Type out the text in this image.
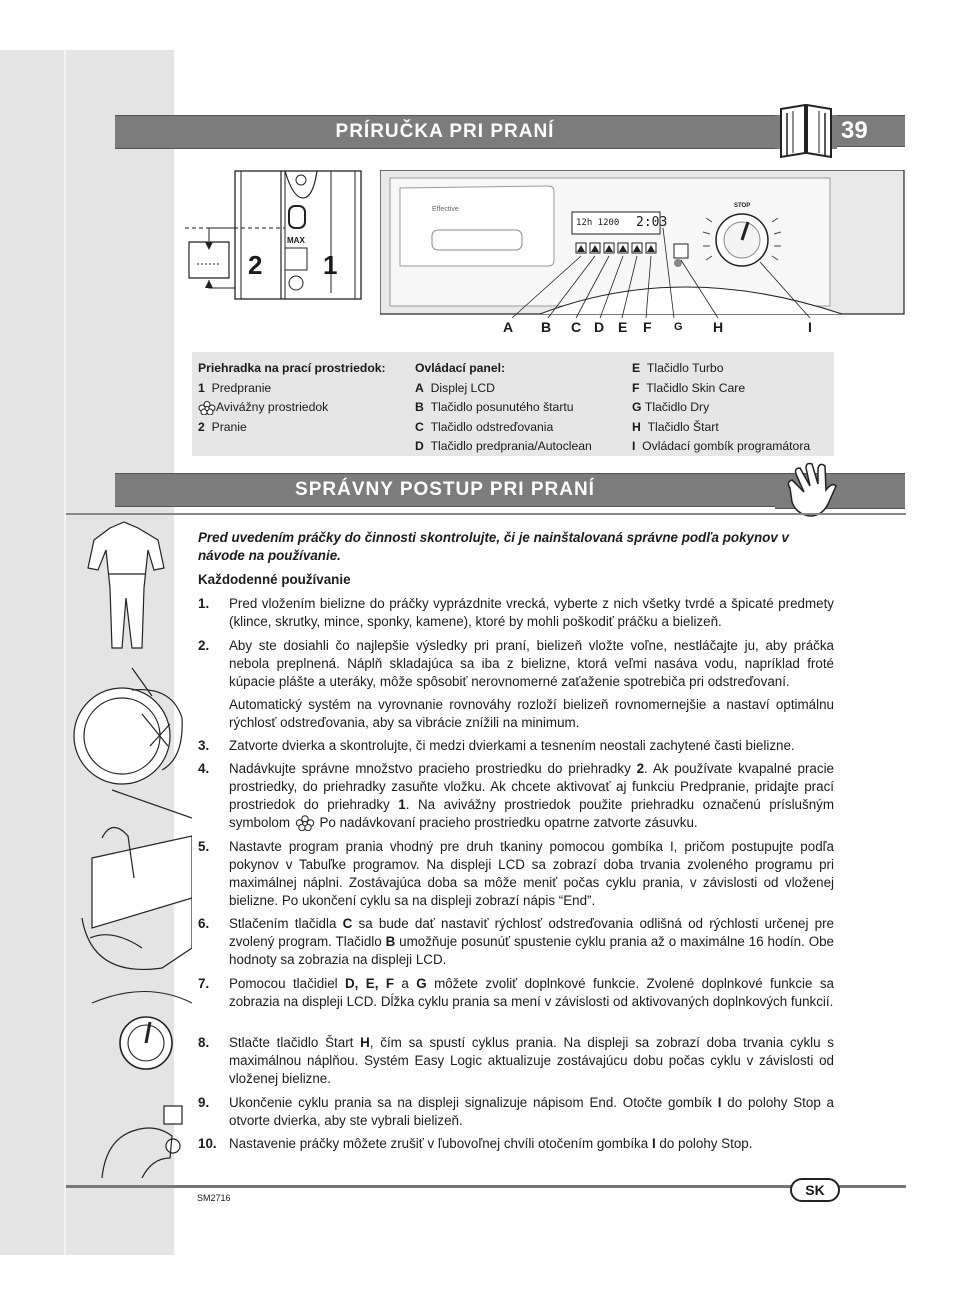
PRÍRUČKA PRI PRANÍ	39
2 1
MAX
Effective
12h 1200 2:03
STOP
A B C D E F G H	I
Priehradka na prací prostriedok:
1 Predpranie
Avivážny prostriedok
2 Pranie
Ovládací panel:
A Displej LCD
B Tlačidlo posunutého štartu
C Tlačidlo odstreďovania
D Tlačidlo predprania/Autoclean
E Tlačidlo Turbo
F Tlačidlo Skin Care
G Tlačidlo Dry
H Tlačidlo Štart
I Ovládací gombík programátora
SPRÁVNY POSTUP PRI PRANÍ
Pred uvedením práčky do činnosti skontrolujte, či je nainštalovaná správne podľa pokynov v návode na používanie.
Každodenné používanie
1.	Pred vložením bielizne do práčky vyprázdnite vrecká, vyberte z nich všetky tvrdé a špicaté predmety (klince, skrutky, mince, sponky, kamene), ktoré by mohli poškodiť práčku a bielizeň.
2.	Aby ste dosiahli čo najlepšie výsledky pri praní, bielizeň vložte voľne, nestláčajte ju, aby práčka nebola preplnená. Náplň skladajúca sa iba z bielizne, ktorá veľmi nasáva vodu, napríklad froté kúpacie plášte a uteráky, môže spôsobiť nerovnomerné zaťaženie spotrebiča pri odstreďovaní.
Automatický systém na vyrovnanie rovnováhy rozloží bielizeň rovnomernejšie a nastaví optimálnu rýchlosť odstreďovania, aby sa vibrácie znížili na minimum.
3.	Zatvorte dvierka a skontrolujte, či medzi dvierkami a tesnením neostali zachytené časti bielizne.
4.	Nadávkujte správne množstvo pracieho prostriedku do priehradky 2. Ak používate kvapalné pracie prostriedky, do priehradky zasuňte vložku. Ak chcete aktivovať aj funkciu Predpranie, pridajte prací prostriedok do priehradky 1. Na avivážny prostriedok použite priehradku označenú príslušným symbolom  Po nadávkovaní pracieho prostriedku opatrne zatvorte zásuvku.
5.	Nastavte program prania vhodný pre druh tkaniny pomocou gombíka I, pričom postupujte podľa pokynov v Tabuľke programov. Na displeji LCD sa zobrazí doba trvania zvoleného programu pri maximálnej náplni. Zostávajúca doba sa môže meniť počas cyklu prania, v závislosti od vloženej bielizne. Po ukončení cyklu sa na displeji zobrazí nápis “End”.
6.	Stlačením tlačidla C sa bude dať nastaviť rýchlosť odstreďovania odlišná od rýchlosti určenej pre zvolený program. Tlačidlo B umožňuje posunúť spustenie cyklu prania až o maximálne 16 hodín. Obe hodnoty sa zobrazia na displeji LCD.
7.	Pomocou tlačidiel D, E, F a G môžete zvoliť doplnkové funkcie. Zvolené doplnkové funkcie sa zobrazia na displeji LCD. Dĺžka cyklu prania sa mení v závislosti od aktivovaných doplnkových funkcií.
8.	Stlačte tlačidlo Štart H, čím sa spustí cyklus prania. Na displeji sa zobrazí doba trvania cyklu s maximálnou náplňou. Systém Easy Logic aktualizuje zostávajúcu dobu počas cyklu v závislosti od vloženej bielizne.
9.	Ukončenie cyklu prania sa na displeji signalizuje nápisom End. Otočte gombík I do polohy Stop a otvorte dvierka, aby ste vybrali bielizeň.
10. Nastavenie práčky môžete zrušiť v ľubovoľnej chvíli otočením gombíka I do polohy Stop.
SK
SM2716
